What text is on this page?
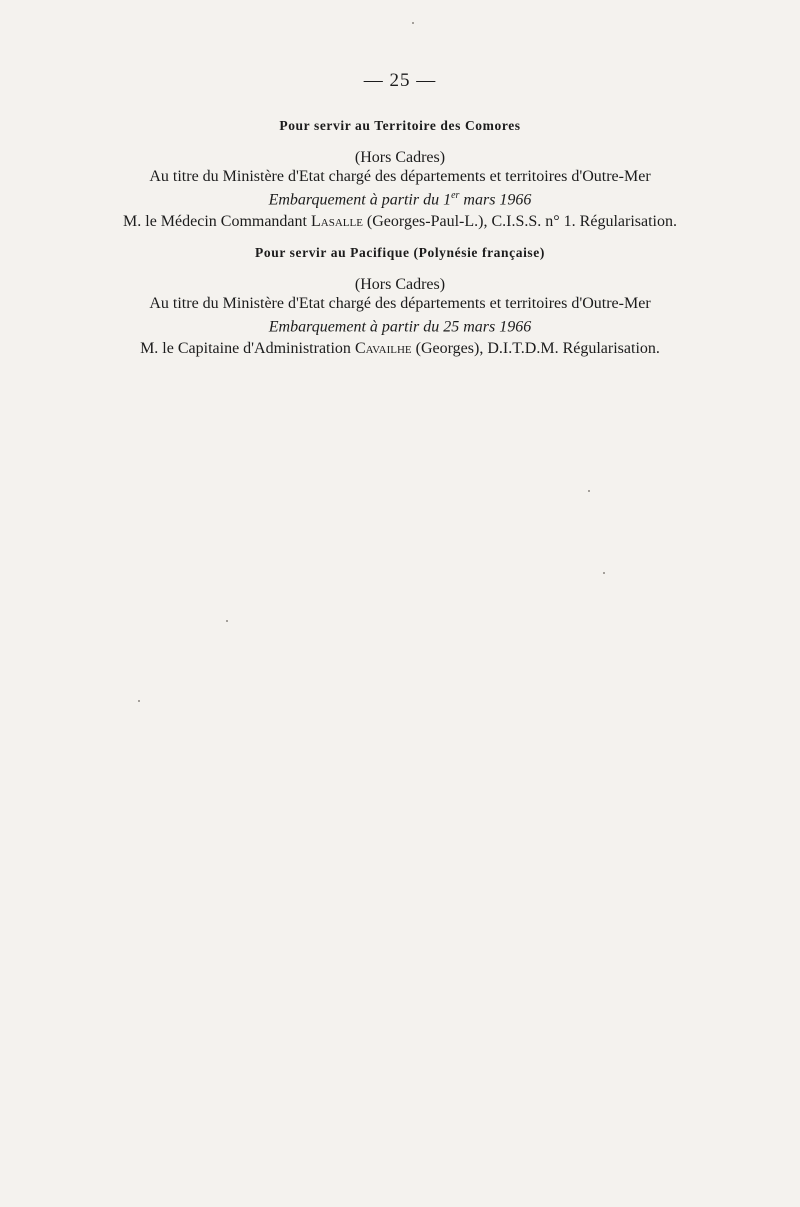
— 25 —

Pour servir au Territoire des Comores

(Hors Cadres)

Au titre du Ministère d'Etat chargé des départements et territoires d'Outre-Mer

Embarquement à partir du 1er mars 1966

M. le Médecin Commandant Lasalle (Georges-Paul-L.), C.I.S.S. n° 1. Régularisation.

Pour servir au Pacifique (Polynésie française)

(Hors Cadres)

Au titre du Ministère d'Etat chargé des départements et territoires d'Outre-Mer

Embarquement à partir du 25 mars 1966

M. le Capitaine d'Administration Cavailhe (Georges), D.I.T.D.M. Régularisation.
